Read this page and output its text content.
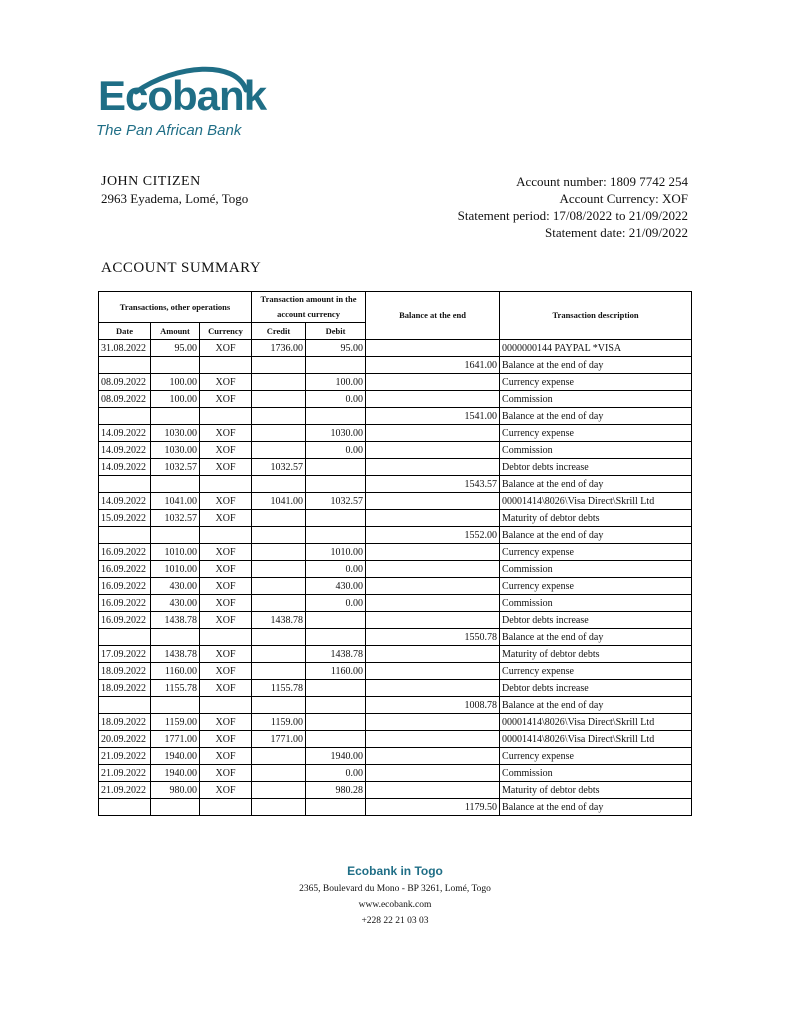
Ecobank
The Pan African Bank
JOHN CITIZEN
2963 Eyadema, Lomé, Togo
Account number: 1809 7742 254
Account Currency: XOF
Statement period: 17/08/2022 to 21/09/2022
Statement date: 21/09/2022
ACCOUNT SUMMARY
Transactions, other operations			Transaction amount in the account currency		Balance at the end	Transaction description
Date	Amount	Currency	Credit	Debit		
31.08.2022	95.00	XOF	1736.00	95.00		0000000144 PAYPAL *VISA
					1641.00	Balance at the end of day
08.09.2022	100.00	XOF		100.00		Currency expense
08.09.2022	100.00	XOF		0.00		Commission
					1541.00	Balance at the end of day
14.09.2022	1030.00	XOF		1030.00		Currency expense
14.09.2022	1030.00	XOF		0.00		Commission
14.09.2022	1032.57	XOF	1032.57			Debtor debts increase
					1543.57	Balance at the end of day
14.09.2022	1041.00	XOF	1041.00	1032.57		00001414\8026\Visa Direct\Skrill Ltd
15.09.2022	1032.57	XOF				Maturity of debtor debts
					1552.00	Balance at the end of day
16.09.2022	1010.00	XOF		1010.00		Currency expense
16.09.2022	1010.00	XOF		0.00		Commission
16.09.2022	430.00	XOF		430.00		Currency expense
16.09.2022	430.00	XOF		0.00		Commission
16.09.2022	1438.78	XOF	1438.78			Debtor debts increase
					1550.78	Balance at the end of day
17.09.2022	1438.78	XOF		1438.78		Maturity of debtor debts
18.09.2022	1160.00	XOF		1160.00		Currency expense
18.09.2022	1155.78	XOF	1155.78			Debtor debts increase
					1008.78	Balance at the end of day
18.09.2022	1159.00	XOF	1159.00			00001414\8026\Visa Direct\Skrill Ltd
20.09.2022	1771.00	XOF	1771.00			00001414\8026\Visa Direct\Skrill Ltd
21.09.2022	1940.00	XOF		1940.00		Currency expense
21.09.2022	1940.00	XOF		0.00		Commission
21.09.2022	980.00	XOF		980.28		Maturity of debtor debts
					1179.50	Balance at the end of day
Ecobank in Togo
2365, Boulevard du Mono - BP 3261, Lomé, Togo
www.ecobank.com
+228 22 21 03 03
